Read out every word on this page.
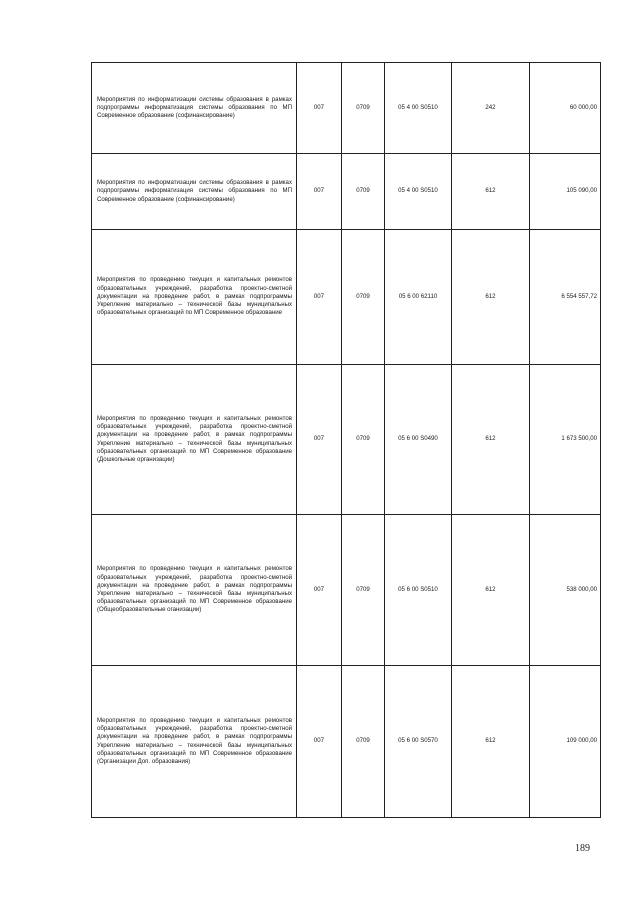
Мероприятия по информатизации системы образования в рамках подпрограммы информатизация системы образования по МП Современное образование (софинансирование)	007	0709	05 4 00 S0510	242	60 000,00
Мероприятия по информатизации системы образования в рамках подпрограммы информатизация системы образования по МП Современное образование (софинансирование)	007	0709	05 4 00 S0510	612	105 090,00
Мероприятия по проведению текущих и капитальных ремонтов образовательных учреждений, разработка проектно-сметной документации на проведение работ, в рамках подпрограммы Укрепление материально – технической базы муниципальных образовательных организаций по МП Современное образование	007	0709	05 6 00 62110	612	6 554 557,72
Мероприятия по проведению текущих и капитальных ремонтов образовательных учреждений, разработка проектно-сметной документации на проведение работ, в рамках подпрограммы Укрепление материально – технической базы муниципальных образовательных организаций по МП Современное образование (Дошкольные организации)	007	0709	05 6 00 S0490	612	1 673 500,00
Мероприятия по проведению текущих и капитальных ремонтов образовательных учреждений, разработка проектно-сметной документации на проведение работ, в рамках подпрограммы Укрепление материально – технической базы муниципальных образовательных организаций по МП Современное образование (Общеобразовательные оганизации)	007	0709	05 6 00 S0510	612	538 000,00
Мероприятия по проведению текущих и капитальных ремонтов образовательных учреждений, разработка проектно-сметной документации на проведение работ, в рамках подпрограммы Укрепление материально – технической базы муниципальных образовательных организаций по МП Современное образование (Организации Доп. образования)	007	0709	05 6 00 S0570	612	109 000,00
189
